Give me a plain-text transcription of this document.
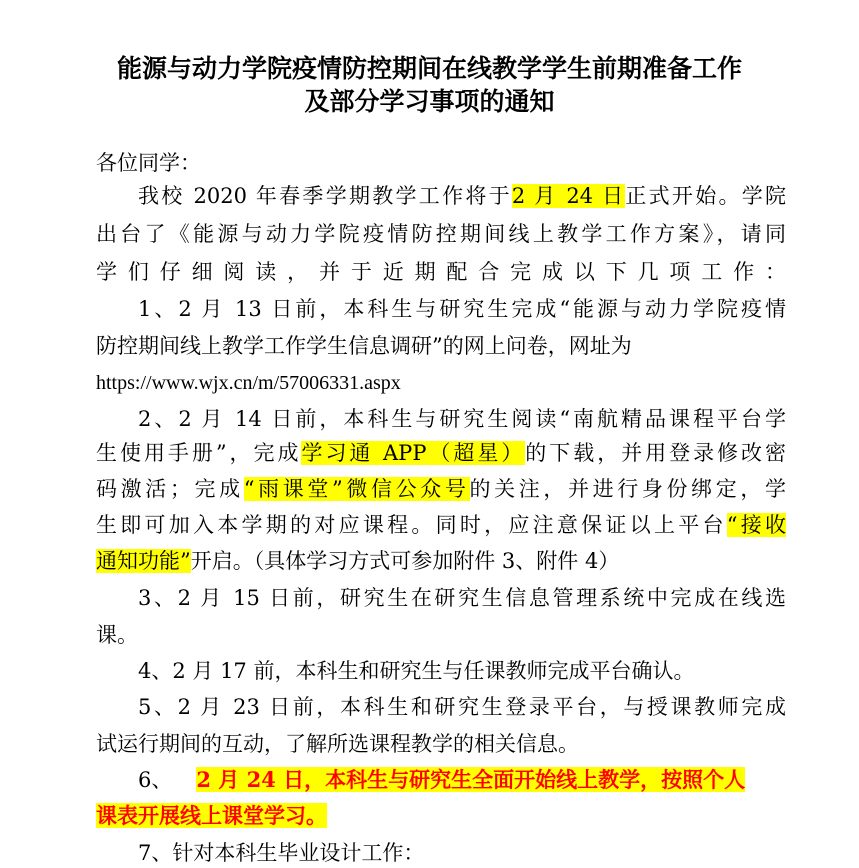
能源与动力学院疫情防控期间在线教学学生前期准备工作
及部分学习事项的通知
各位同学：
我校 2020 年春季学期教学工作将于2 月 24 日正式开始。学院
出台了《能源与动力学院疫情防控期间线上教学工作方案》，请同
学们仔细阅读，并于近期配合完成以下几项工作：
1、2 月 13 日前，本科生与研究生完成“能源与动力学院疫情
防控期间线上教学工作学生信息调研”的网上问卷，网址为
https://www.wjx.cn/m/57006331.aspx
2、2 月 14 日前，本科生与研究生阅读“南航精品课程平台学
生使用手册”，完成学习通 APP（超星）的下载，并用登录修改密
码激活；完成“雨课堂”微信公众号的关注，并进行身份绑定，学
生即可加入本学期的对应课程。同时，应注意保证以上平台“接收
通知功能”开启。（具体学习方式可参加附件 3、附件 4）
3、2 月 15 日前，研究生在研究生信息管理系统中完成在线选
课。
4、2 月 17 前，本科生和研究生与任课教师完成平台确认。
5、2 月 23 日前，本科生和研究生登录平台，与授课教师完成
试运行期间的互动，了解所选课程教学的相关信息。
6、 2 月 24 日，本科生与研究生全面开始线上教学，按照个人
课表开展线上课堂学习。
7、针对本科生毕业设计工作：
